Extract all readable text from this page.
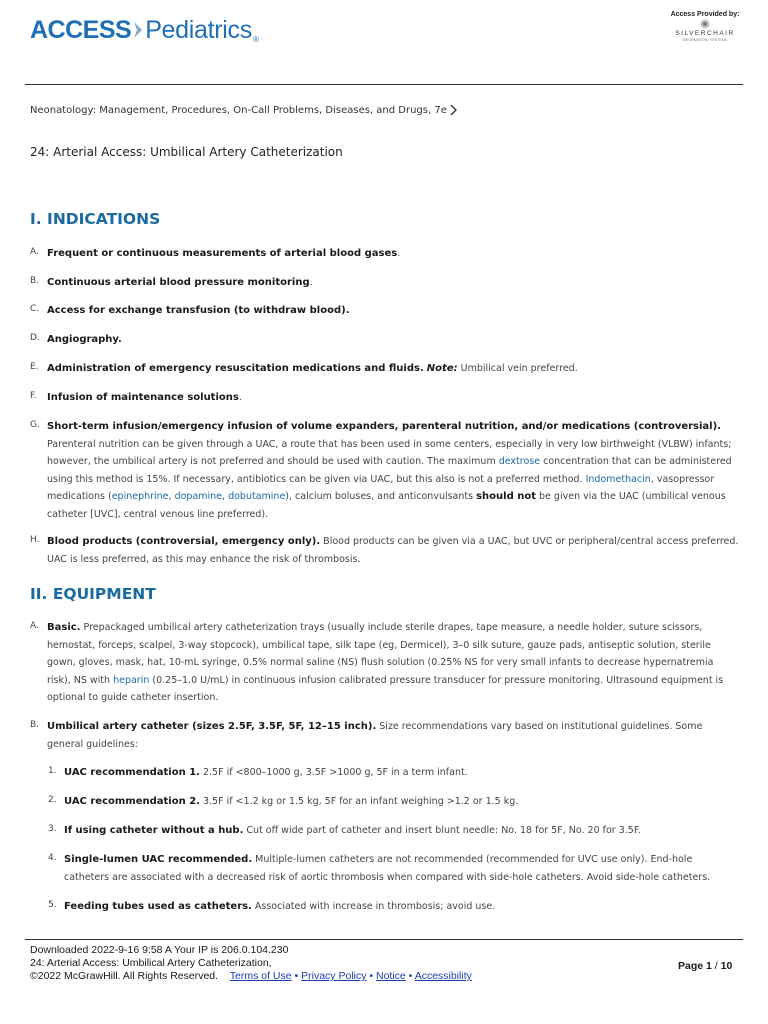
ACCESS Pediatrics ®
Access Provided by:
SILVERCHAIR
INFORMATION / SYSTEMS
Neonatology: Management, Procedures, On-Call Problems, Diseases, and Drugs, 7e
24: Arterial Access: Umbilical Artery Catheterization
I. INDICATIONS
A. Frequent or continuous measurements of arterial blood gases.
B. Continuous arterial blood pressure monitoring.
C. Access for exchange transfusion (to withdraw blood).
D. Angiography.
E. Administration of emergency resuscitation medications and fluids. Note: Umbilical vein preferred.
F. Infusion of maintenance solutions.
G. Short-term infusion/emergency infusion of volume expanders, parenteral nutrition, and/or medications (controversial).
Parenteral nutrition can be given through a UAC, a route that has been used in some centers, especially in very low birthweight (VLBW) infants; however, the umbilical artery is not preferred and should be used with caution. The maximum dextrose concentration that can be administered using this method is 15%. If necessary, antibiotics can be given via UAC, but this also is not a preferred method. Indomethacin, vasopressor medications (epinephrine, dopamine, dobutamine), calcium boluses, and anticonvulsants should not be given via the UAC (umbilical venous catheter [UVC], central venous line preferred).
H. Blood products (controversial, emergency only). Blood products can be given via a UAC, but UVC or peripheral/central access preferred. UAC is less preferred, as this may enhance the risk of thrombosis.
II. EQUIPMENT
A. Basic. Prepackaged umbilical artery catheterization trays (usually include sterile drapes, tape measure, a needle holder, suture scissors, hemostat, forceps, scalpel, 3-way stopcock), umbilical tape, silk tape (eg, Dermicel), 3–0 silk suture, gauze pads, antiseptic solution, sterile gown, gloves, mask, hat, 10-mL syringe, 0.5% normal saline (NS) flush solution (0.25% NS for very small infants to decrease hypernatremia risk), NS with heparin (0.25–1.0 U/mL) in continuous infusion calibrated pressure transducer for pressure monitoring. Ultrasound equipment is optional to guide catheter insertion.
B. Umbilical artery catheter (sizes 2.5F, 3.5F, 5F, 12–15 inch). Size recommendations vary based on institutional guidelines. Some general guidelines:
1. UAC recommendation 1. 2.5F if <800–1000 g, 3.5F >1000 g, 5F in a term infant.
2. UAC recommendation 2. 3.5F if <1.2 kg or 1.5 kg, 5F for an infant weighing >1.2 or 1.5 kg.
3. If using catheter without a hub. Cut off wide part of catheter and insert blunt needle: No. 18 for 5F, No. 20 for 3.5F.
4. Single-lumen UAC recommended. Multiple-lumen catheters are not recommended (recommended for UVC use only). End-hole catheters are associated with a decreased risk of aortic thrombosis when compared with side-hole catheters. Avoid side-hole catheters.
5. Feeding tubes used as catheters. Associated with increase in thrombosis; avoid use.
Downloaded 2022-9-16 9:58 A Your IP is 206.0.104.230
24: Arterial Access: Umbilical Artery Catheterization,
©2022 McGrawHill. All Rights Reserved. Terms of Use • Privacy Policy • Notice • Accessibility
Page 1 / 10
